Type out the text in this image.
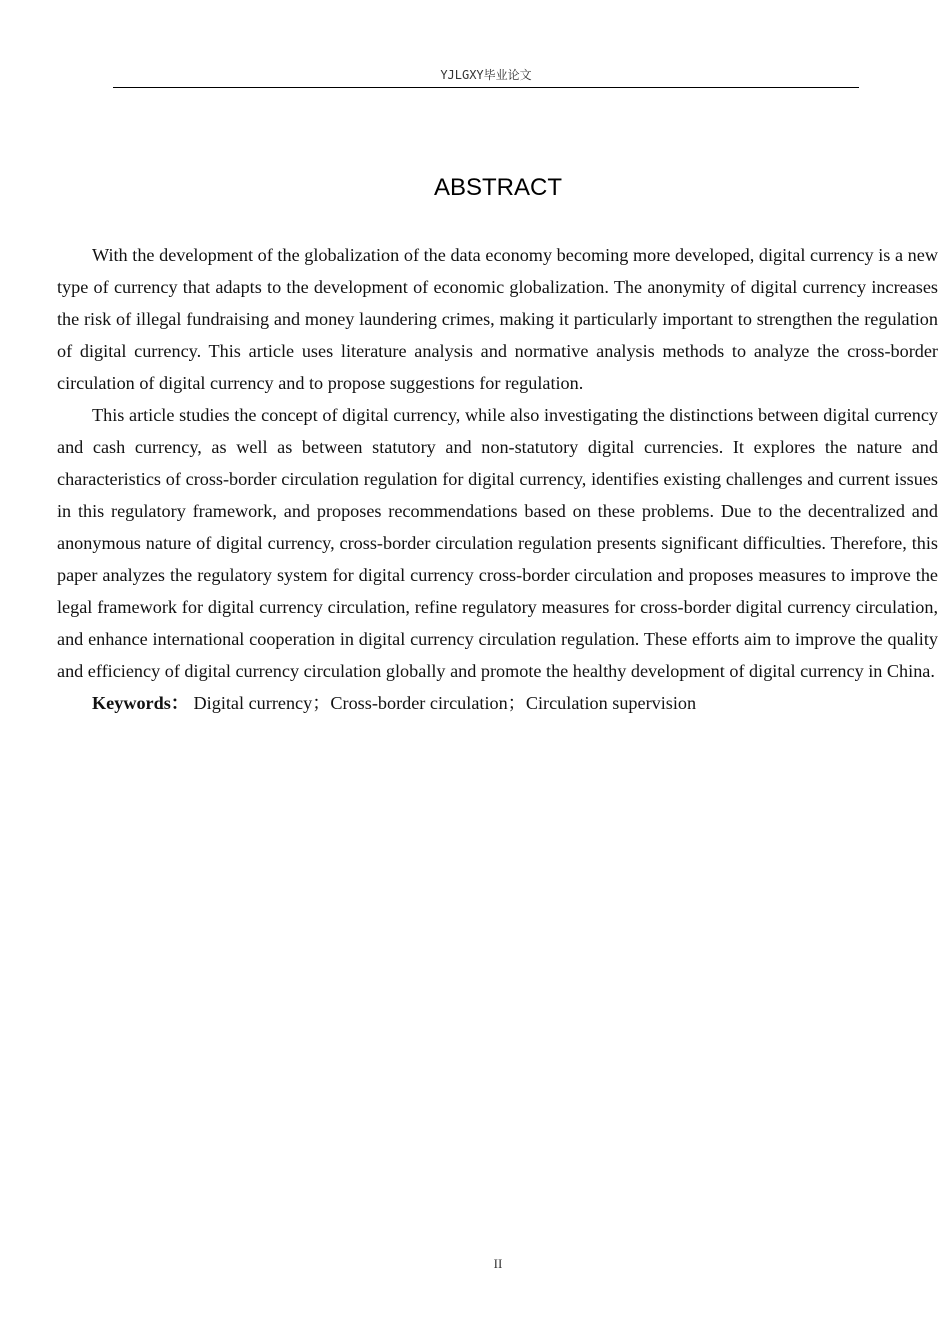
YJLGXY毕业论文
ABSTRACT

With the development of the globalization of the data economy becoming more developed, digital currency is a new type of currency that adapts to the development of economic globalization. The anonymity of digital currency increases the risk of illegal fundraising and money laundering crimes, making it particularly important to strengthen the regulation of digital currency. This article uses literature analysis and normative analysis methods to analyze the cross-border circulation of digital currency and to propose suggestions for regulation.

This article studies the concept of digital currency, while also investigating the distinctions between digital currency and cash currency, as well as between statutory and non-statutory digital currencies. It explores the nature and characteristics of cross-border circulation regulation for digital currency, identifies existing challenges and current issues in this regulatory framework, and proposes recommendations based on these problems. Due to the decentralized and anonymous nature of digital currency, cross-border circulation regulation presents significant difficulties. Therefore, this paper analyzes the regulatory system for digital currency cross-border circulation and proposes measures to improve the legal framework for digital currency circulation, refine regulatory measures for cross-border digital currency circulation, and enhance international cooperation in digital currency circulation regulation. These efforts aim to improve the quality and efficiency of digital currency circulation globally and promote the healthy development of digital currency in China.

Keywords： Digital currency；Cross-border circulation；Circulation supervision

II
